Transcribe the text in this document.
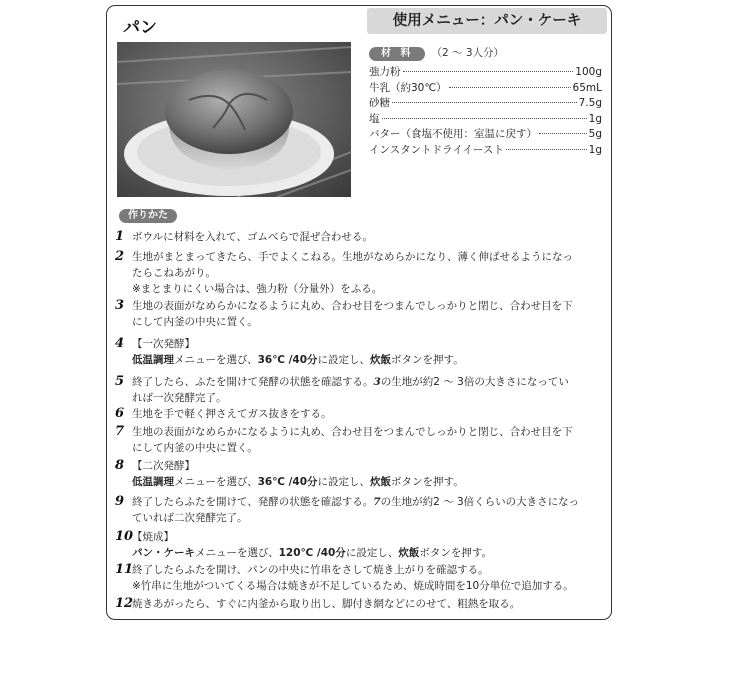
パン	使用メニュー：パン・ケーキ
材 料 （2 〜 3人分）
強力粉	100g
牛乳（約30℃）	65mL
砂糖	7.5g
塩	1g
バター（食塩不使用：室温に戻す）	5g
インスタントドライイースト	1g
作りかた
1 ボウルに材料を入れて、ゴムべらで混ぜ合わせる。
2 生地がまとまってきたら、手でよくこねる。生地がなめらかになり、薄く伸ばせるようになっ
たらこねあがり。
※まとまりにくい場合は、強力粉（分量外）をふる。
3 生地の表面がなめらかになるように丸め、合わせ目をつまんでしっかりと閉じ、合わせ目を下
にして内釜の中央に置く。
4 【一次発酵】
低温調理メニューを選び、36℃ /40分に設定し、炊飯ボタンを押す。
5 終了したら、ふたを開けて発酵の状態を確認する。3の生地が約2 〜 3倍の大きさになってい
れば一次発酵完了。
6 生地を手で軽く押さえてガス抜きをする。
7 生地の表面がなめらかになるように丸め、合わせ目をつまんでしっかりと閉じ、合わせ目を下
にして内釜の中央に置く。
8 【二次発酵】
低温調理メニューを選び、36℃ /40分に設定し、炊飯ボタンを押す。
9 終了したらふたを開けて、発酵の状態を確認する。7の生地が約2 〜 3倍くらいの大きさになっ
ていれば二次発酵完了。
10
【焼成】
パン・ケーキメニューを選び、120℃ /40分に設定し、炊飯ボタンを押す。
11
終了したらふたを開け、パンの中央に竹串をさして焼き上がりを確認する。
※竹串に生地がついてくる場合は焼きが不足しているため、焼成時間を10分単位で追加する。
12
焼きあがったら、すぐに内釜から取り出し、脚付き網などにのせて、粗熱を取る。
